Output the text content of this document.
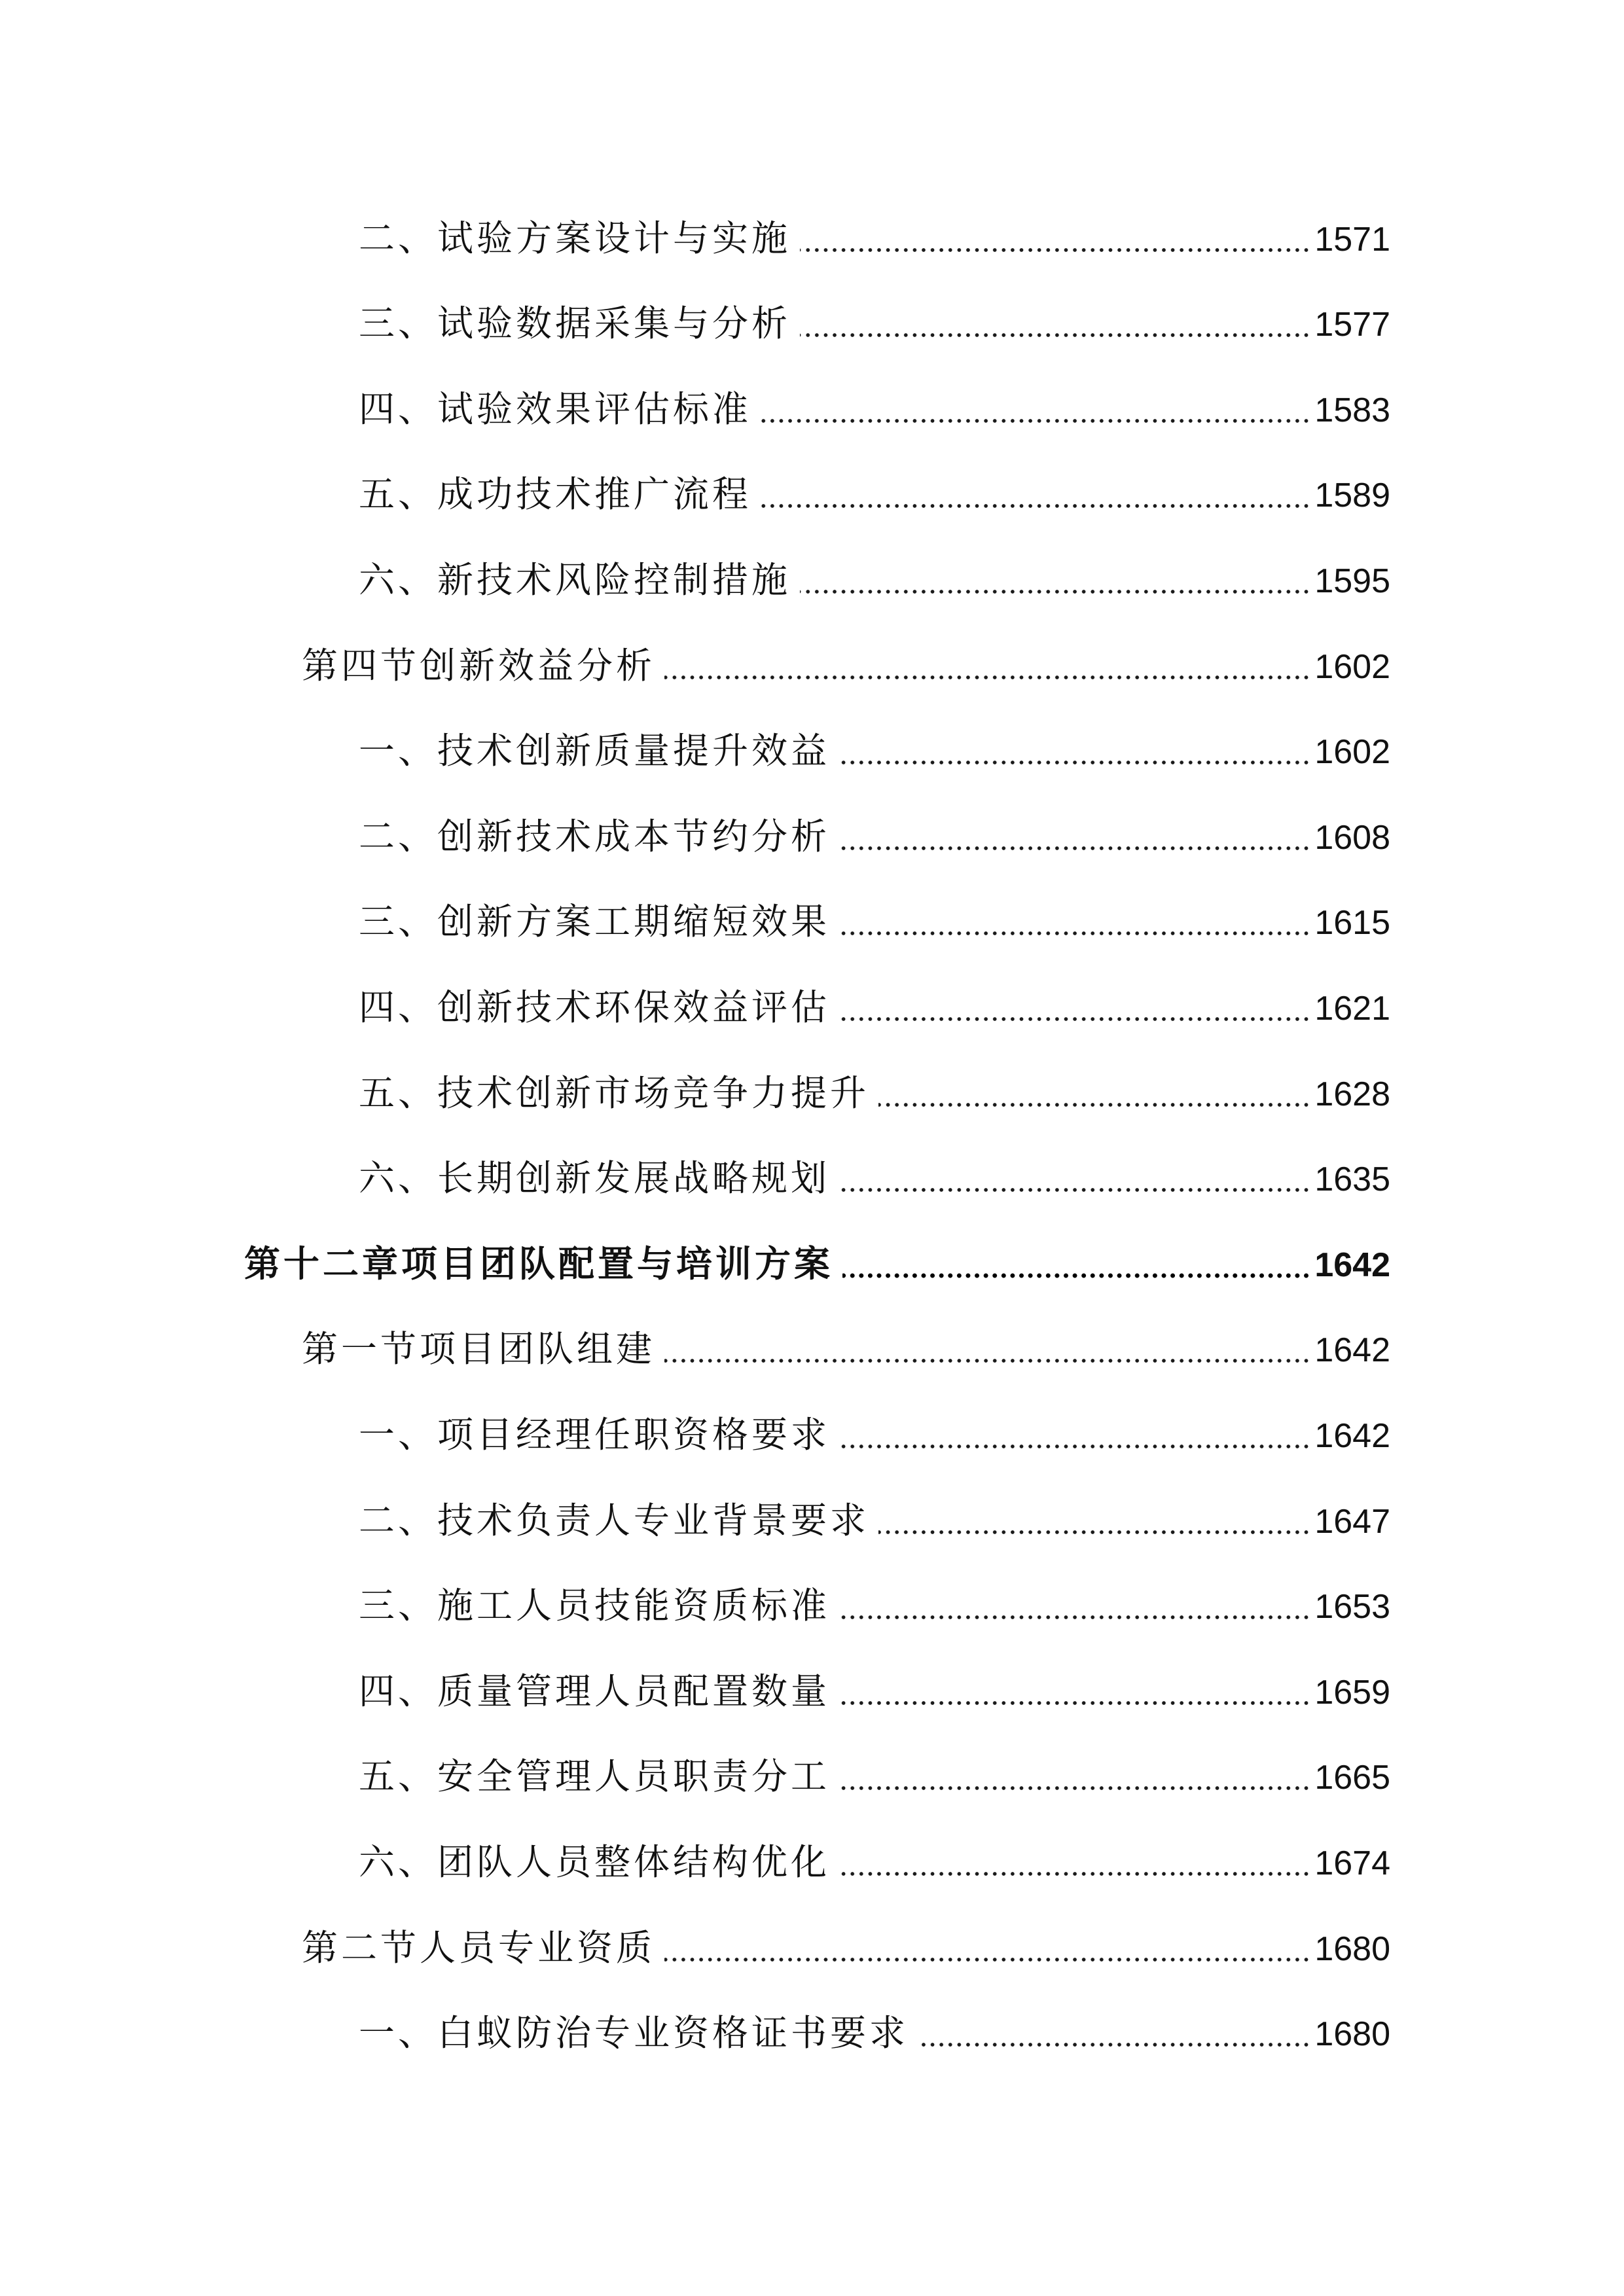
二、试验方案设计与实施	1571
三、试验数据采集与分析	1577
四、试验效果评估标准	1583
五、成功技术推广流程	1589
六、新技术风险控制措施	1595
第四节创新效益分析	1602
一、技术创新质量提升效益	1602
二、创新技术成本节约分析	1608
三、创新方案工期缩短效果	1615
四、创新技术环保效益评估	1621
五、技术创新市场竞争力提升	1628
六、长期创新发展战略规划	1635
第十二章项目团队配置与培训方案	1642
第一节项目团队组建	1642
一、项目经理任职资格要求	1642
二、技术负责人专业背景要求	1647
三、施工人员技能资质标准	1653
四、质量管理人员配置数量	1659
五、安全管理人员职责分工	1665
六、团队人员整体结构优化	1674
第二节人员专业资质	1680
一、白蚁防治专业资格证书要求	1680
